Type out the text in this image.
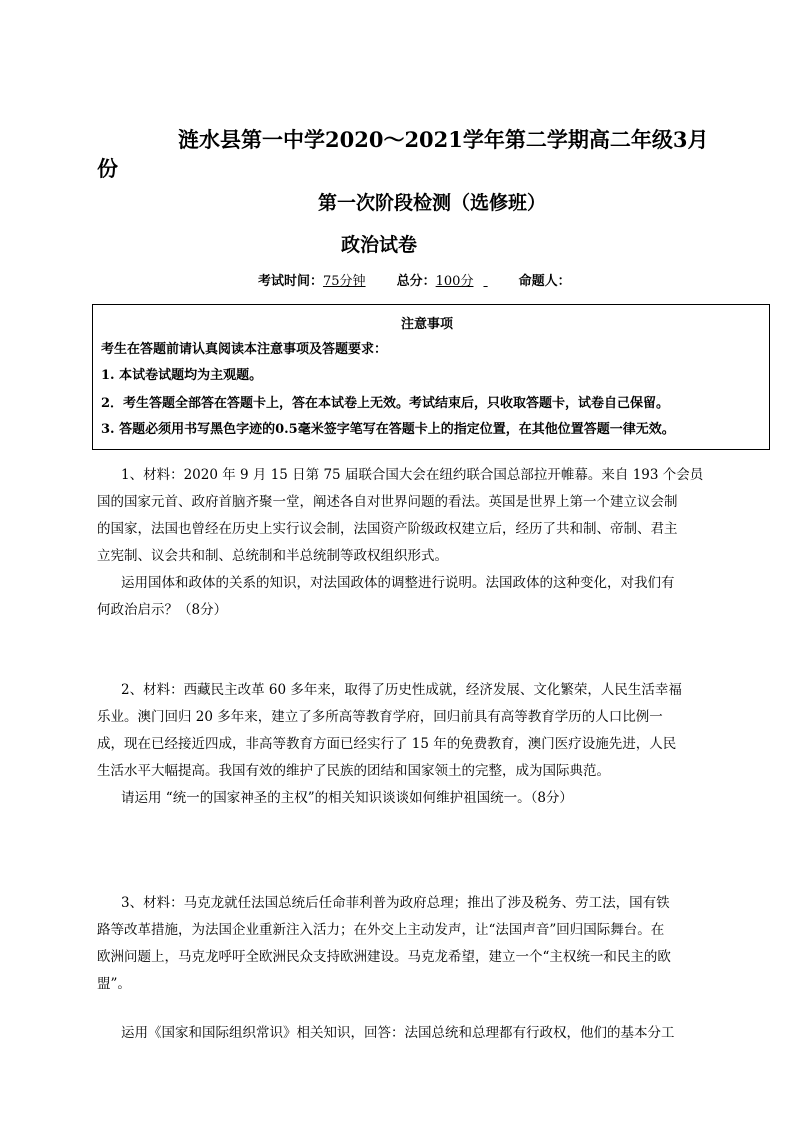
涟水县第一中学2020～2021学年第二学期高二年级3月
份
第一次阶段检测（选修班）
政治试卷
考试时间：75分钟 总分：100分	命题人：
注意事项
考生在答题前请认真阅读本注意事项及答题要求：
1. 本试卷试题均为主观题。
2．考生答题全部答在答题卡上，答在本试卷上无效。考试结束后，只收取答题卡，试卷自己保留。
3. 答题必须用书写黑色字迹的0.5毫米签字笔写在答题卡上的指定位置，在其他位置答题一律无效。
1、材料：2020 年 9 月 15 日第 75 届联合国大会在纽约联合国总部拉开帷幕。来自 193 个会员
国的国家元首、政府首脑齐聚一堂，阐述各自对世界问题的看法。英国是世界上第一个建立议会制
的国家，法国也曾经在历史上实行议会制，法国资产阶级政权建立后，经历了共和制、帝制、君主
立宪制、议会共和制、总统制和半总统制等政权组织形式。
运用国体和政体的关系的知识，对法国政体的调整进行说明。法国政体的这种变化，对我们有
何政治启示？（8分）
2、材料：西藏民主改革 60 多年来，取得了历史性成就，经济发展、文化繁荣，人民生活幸福
乐业。澳门回归 20 多年来，建立了多所高等教育学府，回归前具有高等教育学历的人口比例一
成，现在已经接近四成，非高等教育方面已经实行了 15 年的免费教育，澳门医疗设施先进，人民
生活水平大幅提高。我国有效的维护了民族的团结和国家领土的完整，成为国际典范。
请运用 “统一的国家神圣的主权”的相关知识谈谈如何维护祖国统一。（8分）
3、材料：马克龙就任法国总统后任命菲利普为政府总理；推出了涉及税务、劳工法，国有铁
路等改革措施，为法国企业重新注入活力；在外交上主动发声，让“法国声音”回归国际舞台。在
欧洲问题上，马克龙呼吁全欧洲民众支持欧洲建设。马克龙希望，建立一个“主权统一和民主的欧
盟”。
运用《国家和国际组织常识》相关知识，回答：法国总统和总理都有行政权，他们的基本分工
